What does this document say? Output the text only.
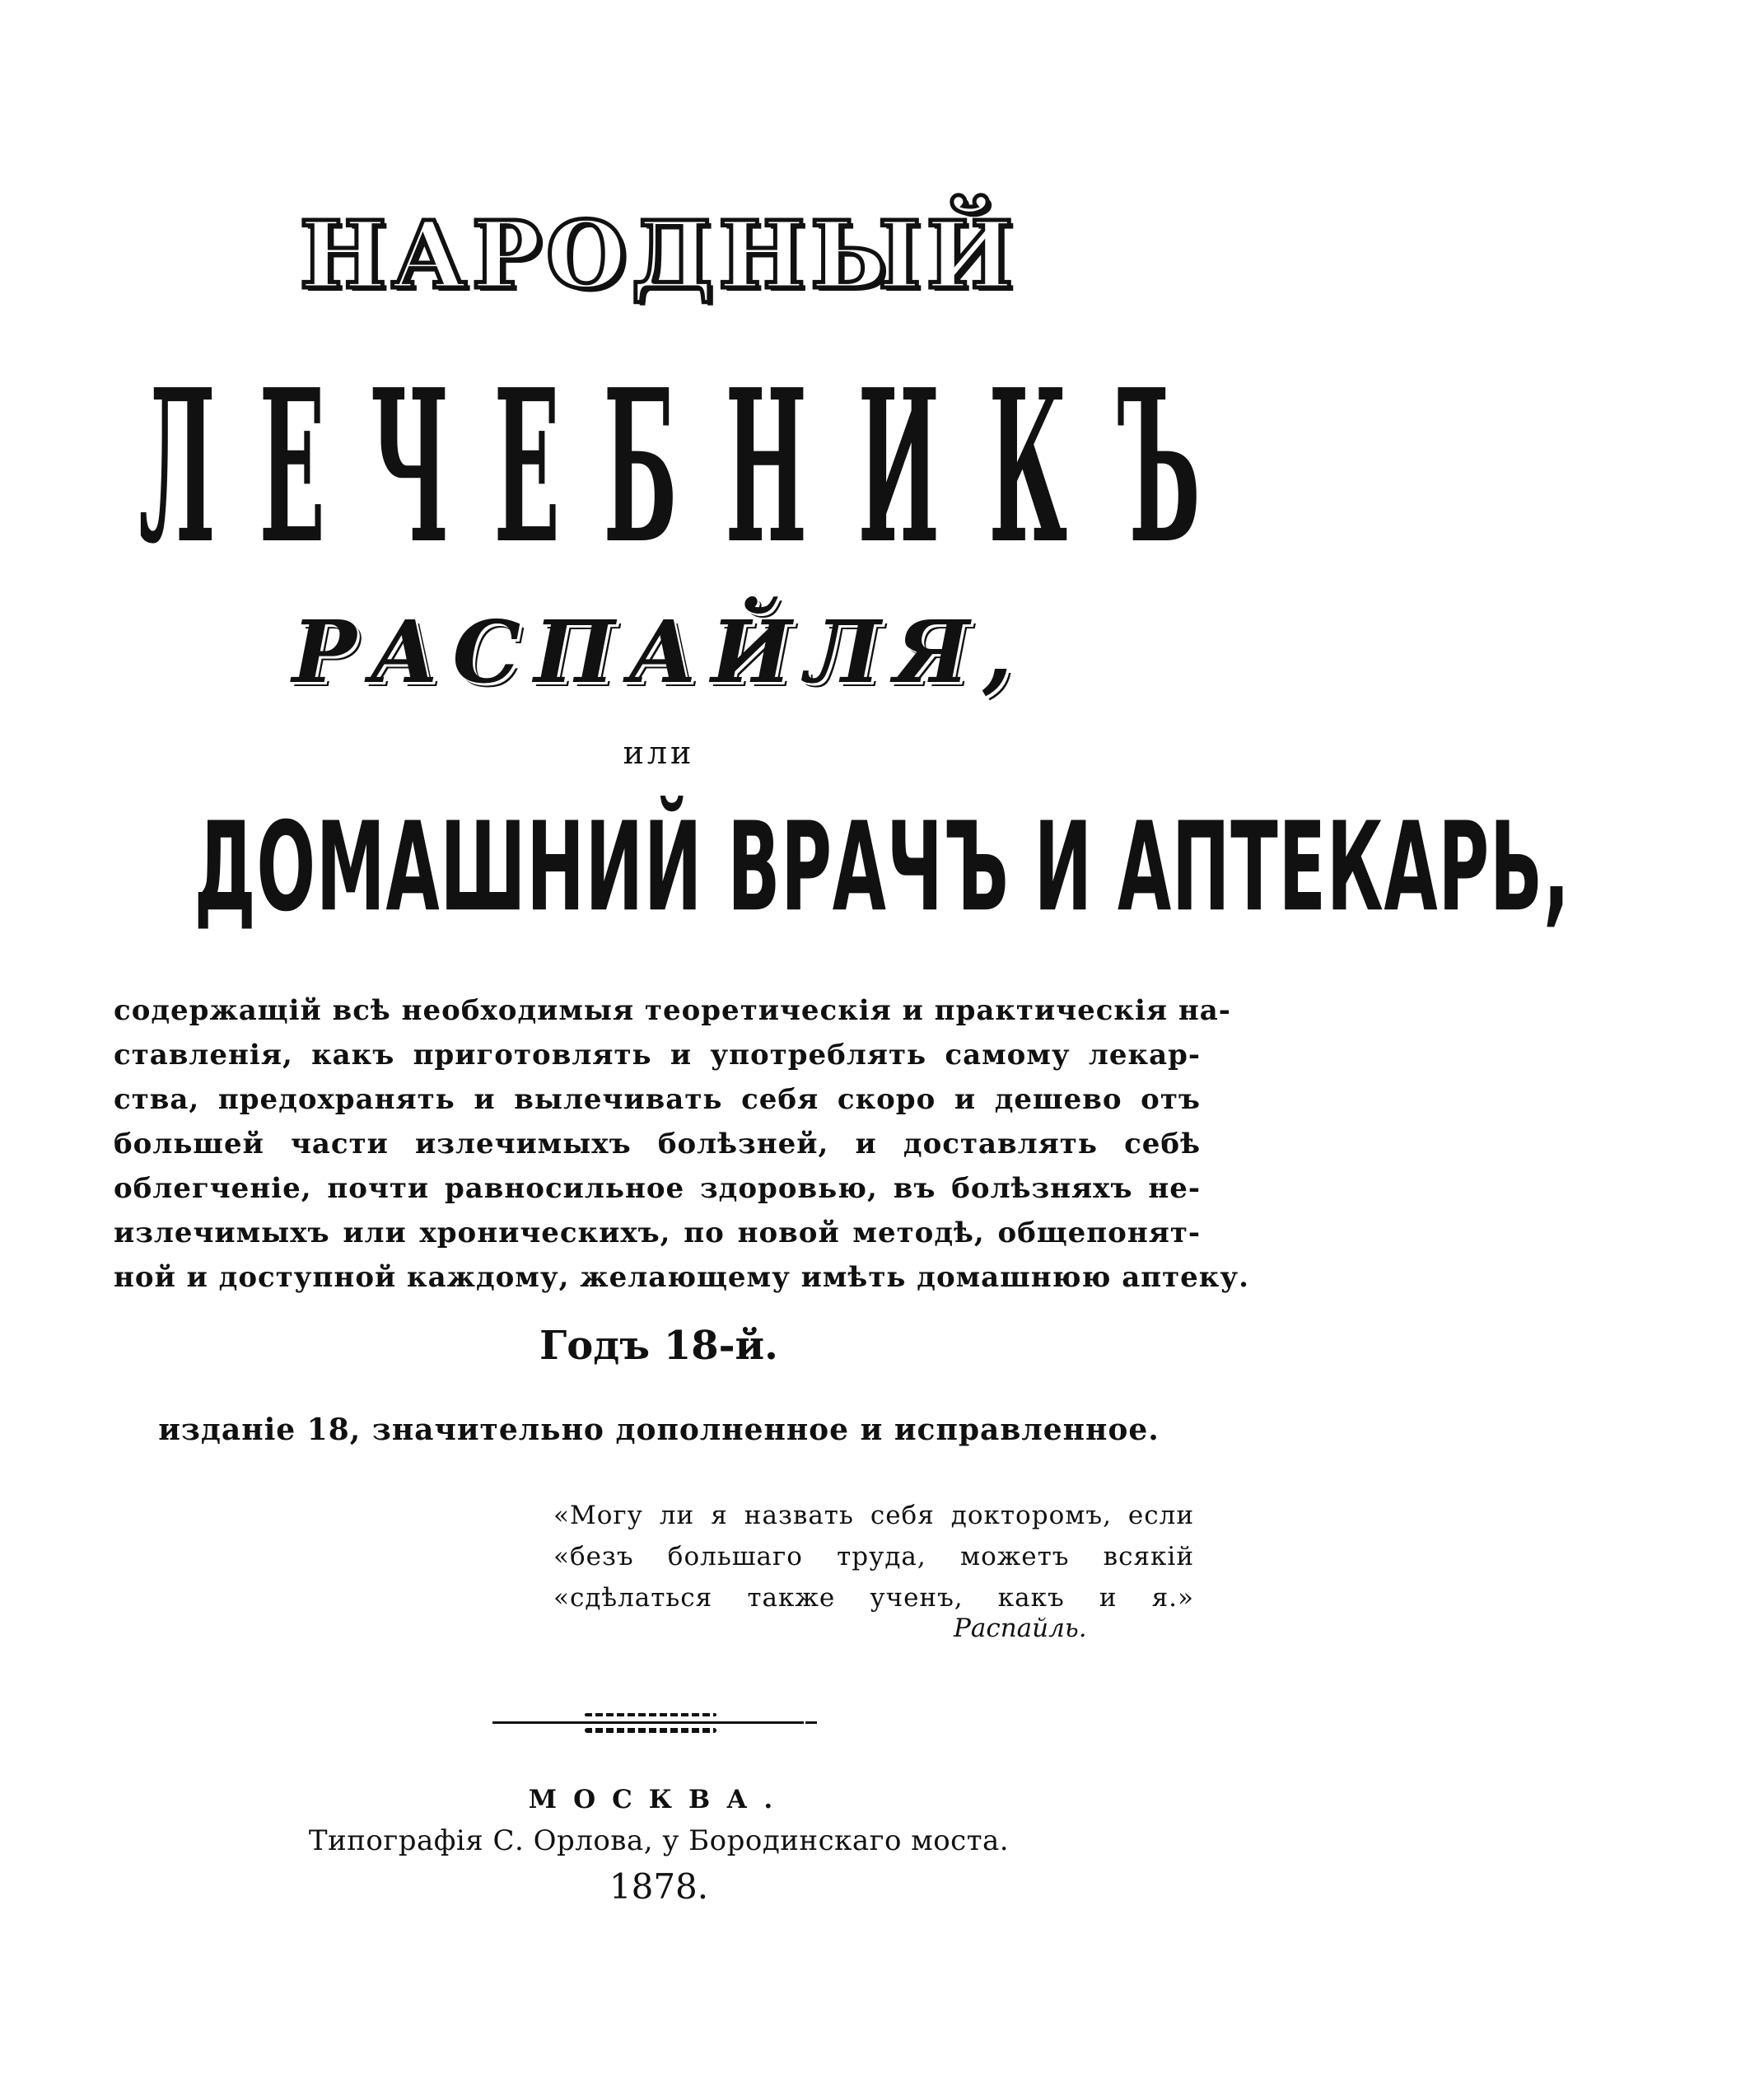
НАРОДНЫЙ
Л Е Ч Е Б Н И К Ъ
РАСПАЙЛЯ,
или
ДОМАШНИЙ ВРАЧЪ И АПТЕКАРЬ,
содержащій всѣ необходимыя теоретическія и практическія на-
ставленія, какъ приготовлять и употреблять самому лекар-
ства, предохранять и вылечивать себя скоро и дешево отъ
большей части излечимыхъ болѣзней, и доставлять себѣ
облегченіе, почти равносильное здоровью, въ болѣзняхъ не-
излечимыхъ или хроническихъ, по новой методѣ, общепонят-
ной и доступной каждому, желающему имѣть домашнюю аптеку.
Годъ 18-й.
изданіе 18, значительно дополненное и исправленное.
«Могу ли я назвать себя докторомъ, если
«безъ большаго труда, можетъ всякій
«сдѣлаться также ученъ, какъ и я.»
Распайль.
МОСКВА.
Типографія С. Орлова, у Бородинскаго моста.
1878.
